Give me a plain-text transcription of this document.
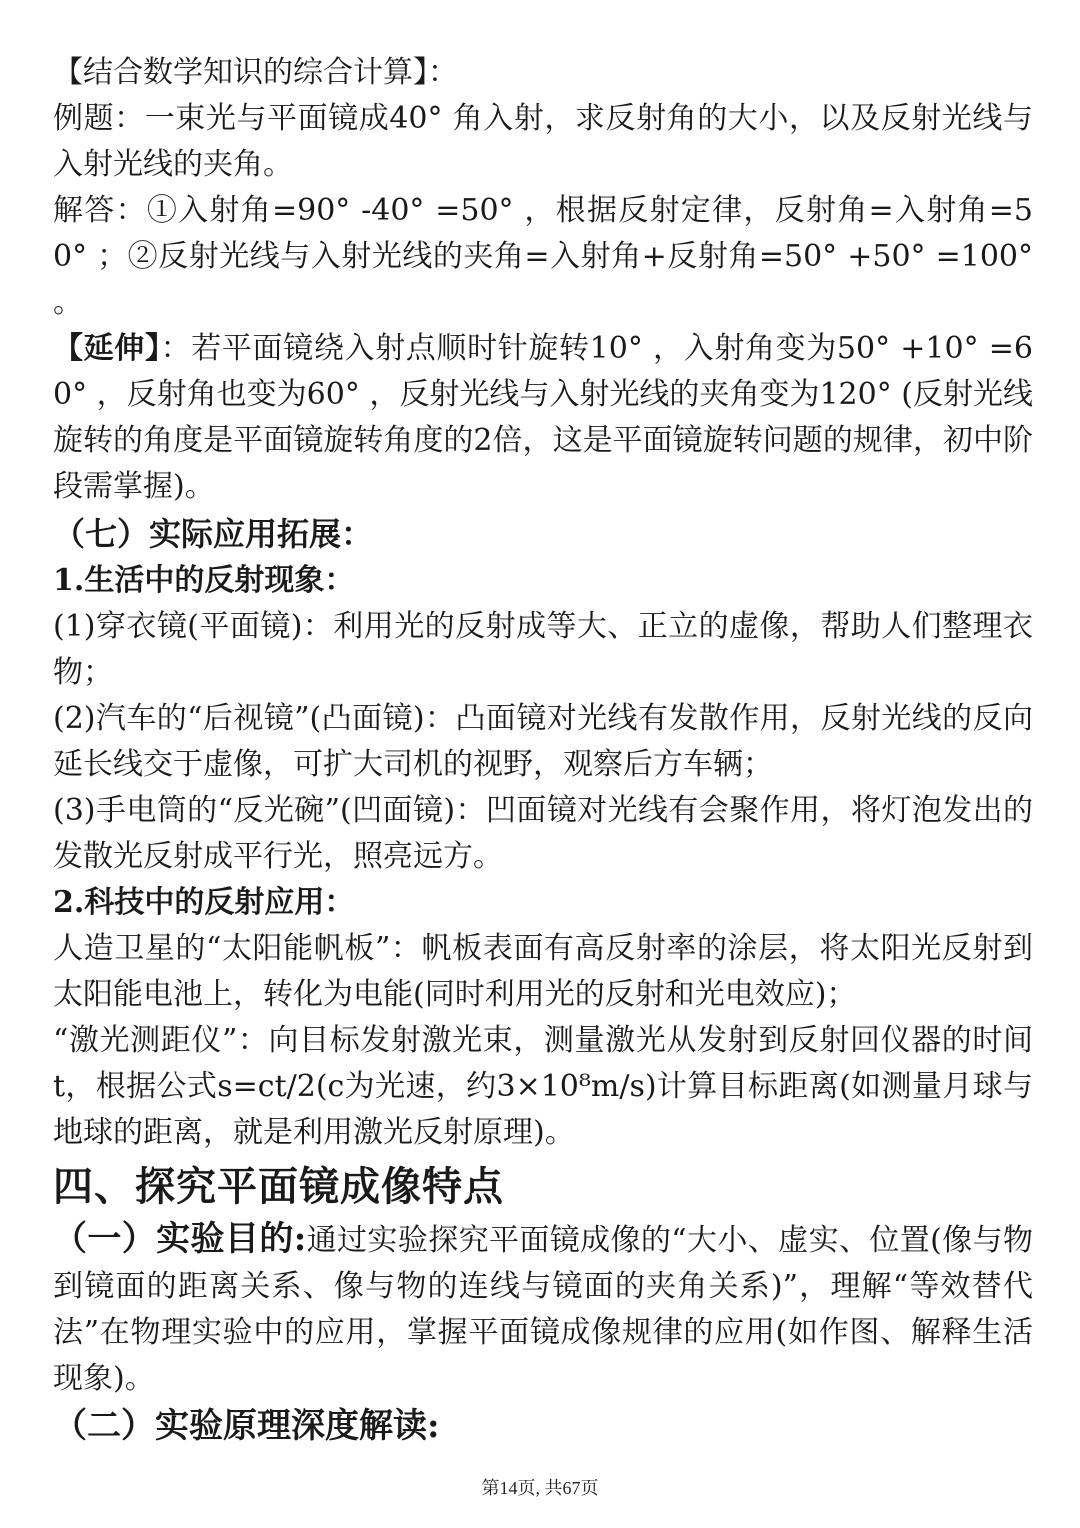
【结合数学知识的综合计算】：

例题：一束光与平面镜成40° 角入射，求反射角的大小，以及反射光线与入射光线的夹角。

解答：①入射角=90° -40° =50° ，根据反射定律，反射角=入射角=50° ；②反射光线与入射光线的夹角=入射角+反射角=50° +50° =100° 。

【延伸】：若平面镜绕入射点顺时针旋转10° ，入射角变为50° +10° =60° ，反射角也变为60° ，反射光线与入射光线的夹角变为120° (反射光线旋转的角度是平面镜旋转角度的2倍，这是平面镜旋转问题的规律，初中阶段需掌握)。

（七）实际应用拓展：

1.生活中的反射现象：

(1)穿衣镜(平面镜)：利用光的反射成等大、正立的虚像，帮助人们整理衣物；

(2)汽车的“后视镜”(凸面镜)：凸面镜对光线有发散作用，反射光线的反向延长线交于虚像，可扩大司机的视野，观察后方车辆；

(3)手电筒的“反光碗”(凹面镜)：凹面镜对光线有会聚作用，将灯泡发出的发散光反射成平行光，照亮远方。

2.科技中的反射应用：

人造卫星的“太阳能帆板”：帆板表面有高反射率的涂层，将太阳光反射到太阳能电池上，转化为电能(同时利用光的反射和光电效应)；

“激光测距仪”：向目标发射激光束，测量激光从发射到反射回仪器的时间t，根据公式s=ct/2(c为光速，约3×10⁸m/s)计算目标距离(如测量月球与地球的距离，就是利用激光反射原理)。

四、探究平面镜成像特点

（一）实验目的:通过实验探究平面镜成像的“大小、虚实、位置(像与物到镜面的距离关系、像与物的连线与镜面的夹角关系)”，理解“等效替代法”在物理实验中的应用，掌握平面镜成像规律的应用(如作图、解释生活现象)。

（二）实验原理深度解读:

第14页, 共67页
